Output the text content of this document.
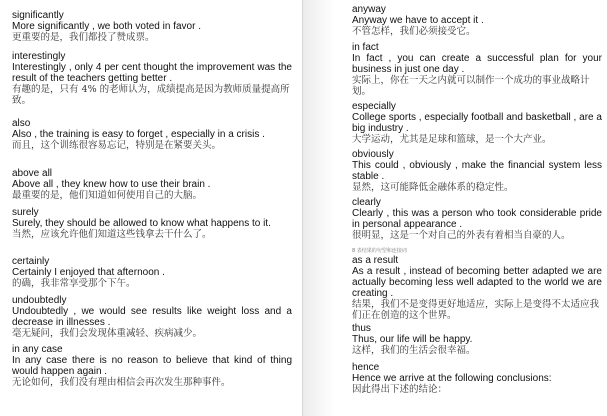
significantly
More significantly , we both voted in favor .
更重要的是，我们都投了赞成票。
interestingly
Interestingly , only 4 per cent thought the improvement was the result of the teachers getting better .
有趣的是，只有 4% 的老师认为，成绩提高是因为教师质量提高所致。
also
Also , the training is easy to forget , especially in a crisis .
而且，这个训练很容易忘记，特别是在紧要关头。
above all
Above all , they knew how to use their brain .
最重要的是，他们知道如何使用自己的大脑。
surely
Surely, they should be allowed to know what happens to it.
当然，应该允许他们知道这些钱拿去干什么了。
certainly
Certainly I enjoyed that afternoon .
的确，我非常享受那个下午。
undoubtedly
Undoubtedly , we would see results like weight loss and a decrease in illnesses .
毫无疑问，我们会发现体重减轻、疾病减少。
in any case
In any case there is no reason to believe that kind of thing would happen again .
无论如何，我们没有理由相信会再次发生那种事件。
anyway
Anyway we have to accept it .
不管怎样，我们必须接受它。
in fact
In fact , you can create a successful plan for your business in just one day .
实际上，你在一天之内就可以制作一个成功的事业战略计划。
especially
College sports , especially football and basketball , are a big industry .
大学运动，尤其是足球和篮球，是一个大产业。
obviously
This could , obviously , make the financial system less stable .
显然，这可能降低金融体系的稳定性。
clearly
Clearly , this was a person who took considerable pride in personal appearance .
很明显，这是一个对自己的外表有着相当自豪的人。
8 表结果的句型和连接词
as a result
As a result , instead of becoming better adapted we are actually becoming less well adapted to the world we are creating .
结果，我们不是变得更好地适应，实际上是变得不太适应我们正在创造的这个世界。
thus
Thus, our life will be happy.
这样，我们的生活会很幸福。
hence
Hence we arrive at the following conclusions:
因此得出下述的结论：
